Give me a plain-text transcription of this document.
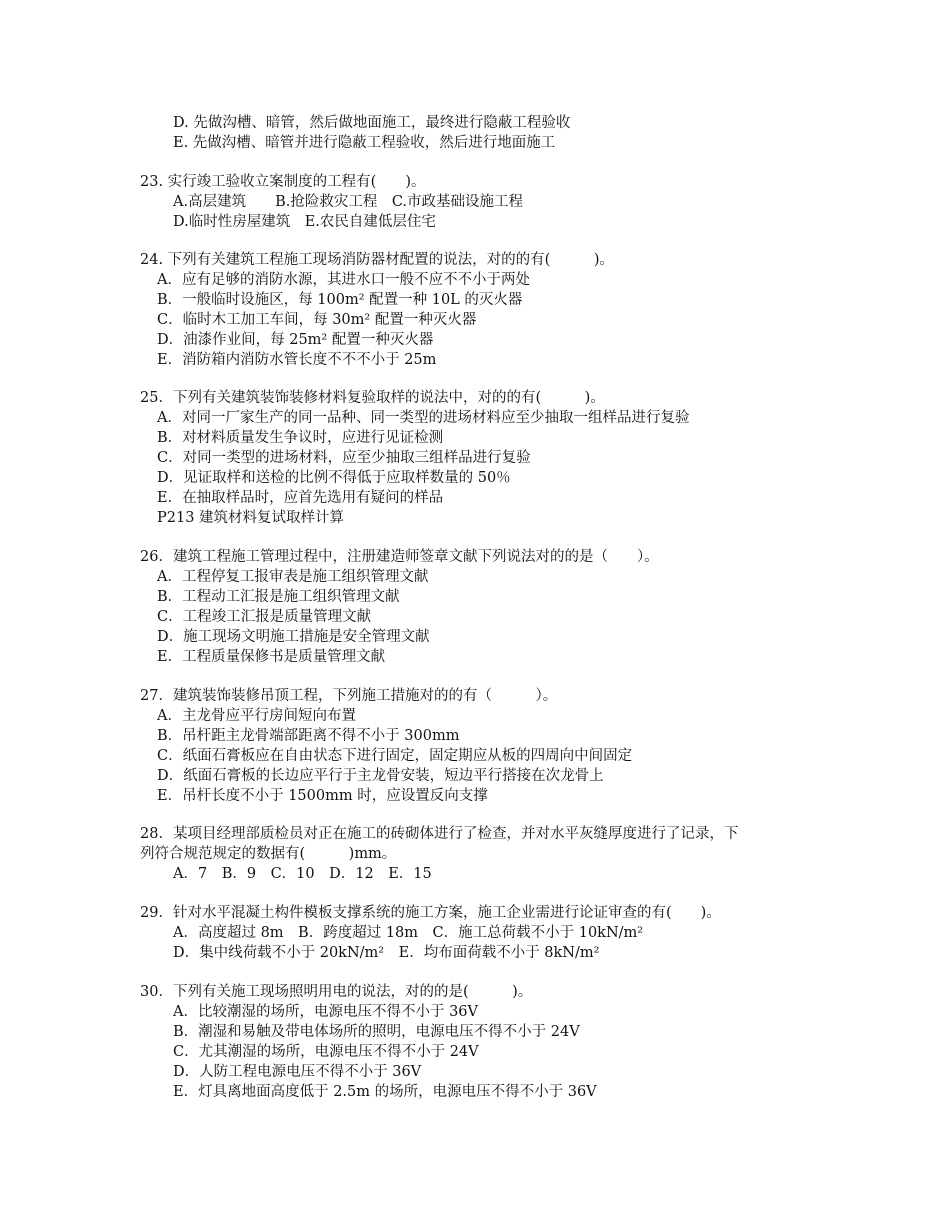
D. 先做沟槽、暗管，然后做地面施工，最终进行隐蔽工程验收
E. 先做沟槽、暗管并进行隐蔽工程验收，然后进行地面施工
23. 实行竣工验收立案制度的工程有(　　)。
A.高层建筑　　B.抢险救灾工程　C.市政基础设施工程
D.临时性房屋建筑　E.农民自建低层住宅
24. 下列有关建筑工程施工现场消防器材配置的说法，对的的有(　　　)。
A．应有足够的消防水源，其进水口一般不应不不小于两处
B．一般临时设施区，每 100m² 配置一种 10L 的灭火器
C．临时木工加工车间，每 30m² 配置一种灭火器
D．油漆作业间，每 25m² 配置一种灭火器
E．消防箱内消防水管长度不不不小于 25m
25．下列有关建筑装饰装修材料复验取样的说法中，对的的有(　　　)。
A．对同一厂家生产的同一品种、同一类型的进场材料应至少抽取一组样品进行复验
B．对材料质量发生争议时，应进行见证检测
C．对同一类型的进场材料，应至少抽取三组样品进行复验
D．见证取样和送检的比例不得低于应取样数量的 50％
E．在抽取样品时，应首先选用有疑问的样品
P213 建筑材料复试取样计算
26．建筑工程施工管理过程中，注册建造师签章文献下列说法对的的是（　　）。
A．工程停复工报审表是施工组织管理文献
B．工程动工汇报是施工组织管理文献
C．工程竣工汇报是质量管理文献
D．施工现场文明施工措施是安全管理文献
E．工程质量保修书是质量管理文献
27．建筑装饰装修吊顶工程，下列施工措施对的的有（　　　）。
A．主龙骨应平行房间短向布置
B．吊杆距主龙骨端部距离不得不小于 300mm
C．纸面石膏板应在自由状态下进行固定，固定期应从板的四周向中间固定
D．纸面石膏板的长边应平行于主龙骨安装，短边平行搭接在次龙骨上
E．吊杆长度不小于 1500mm 时，应设置反向支撑
28．某项目经理部质检员对正在施工的砖砌体进行了检查，并对水平灰缝厚度进行了记录，下
列符合规范规定的数据有(　　　)mm。
A．7　B．9　C．10　D．12　E．15
29．针对水平混凝土构件模板支撑系统的施工方案，施工企业需进行论证审查的有(　　)。
A．高度超过 8m　B．跨度超过 18m　C．施工总荷载不小于 10kN/m²
D．集中线荷载不小于 20kN/m²　E．均布面荷载不小于 8kN/m²
30．下列有关施工现场照明用电的说法，对的的是(　　　)。
A．比较潮湿的场所，电源电压不得不小于 36V
B．潮湿和易触及带电体场所的照明，电源电压不得不小于 24V
C．尤其潮湿的场所，电源电压不得不小于 24V
D．人防工程电源电压不得不小于 36V
E．灯具离地面高度低于 2.5m 的场所，电源电压不得不小于 36V
